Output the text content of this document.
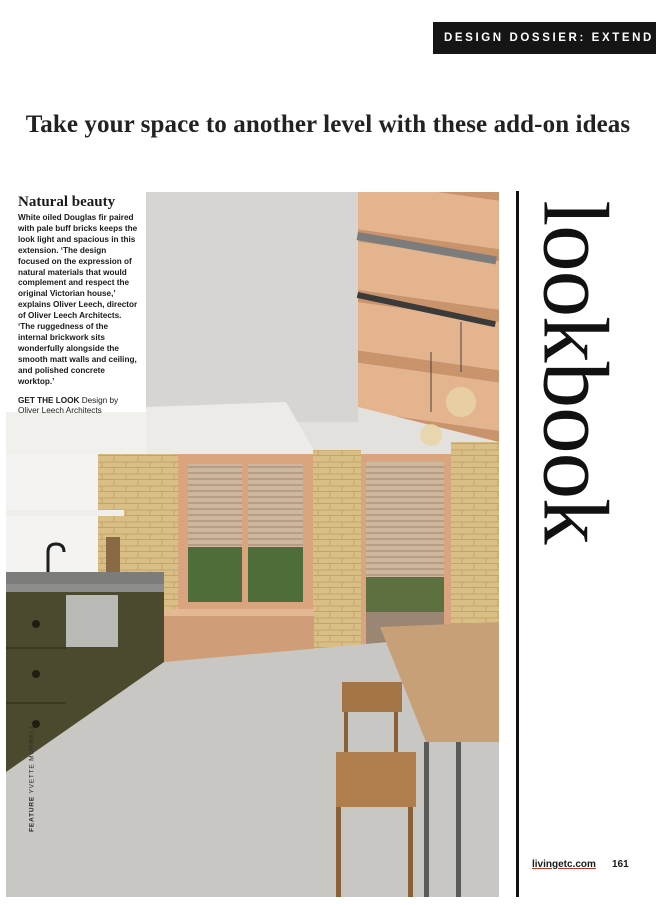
DESIGN DOSSIER: EXTEND
Take your space to another level with these add-on ideas
Natural beauty

White oiled Douglas fir paired with pale buff bricks keeps the look light and spacious in this extension. ‘The design focused on the expression of natural materials that would complement and respect the original Victorian house,’ explains Oliver Leech, director of Oliver Leech Architects. ‘The ruggedness of the internal brickwork sits wonderfully alongside the smooth matt walls and ceiling, and polished concrete worktop.’

GET THE LOOK Design by Oliver Leech Architects	lookbook
FEATURE YVETTE MURRELL
livingetc.com 161
